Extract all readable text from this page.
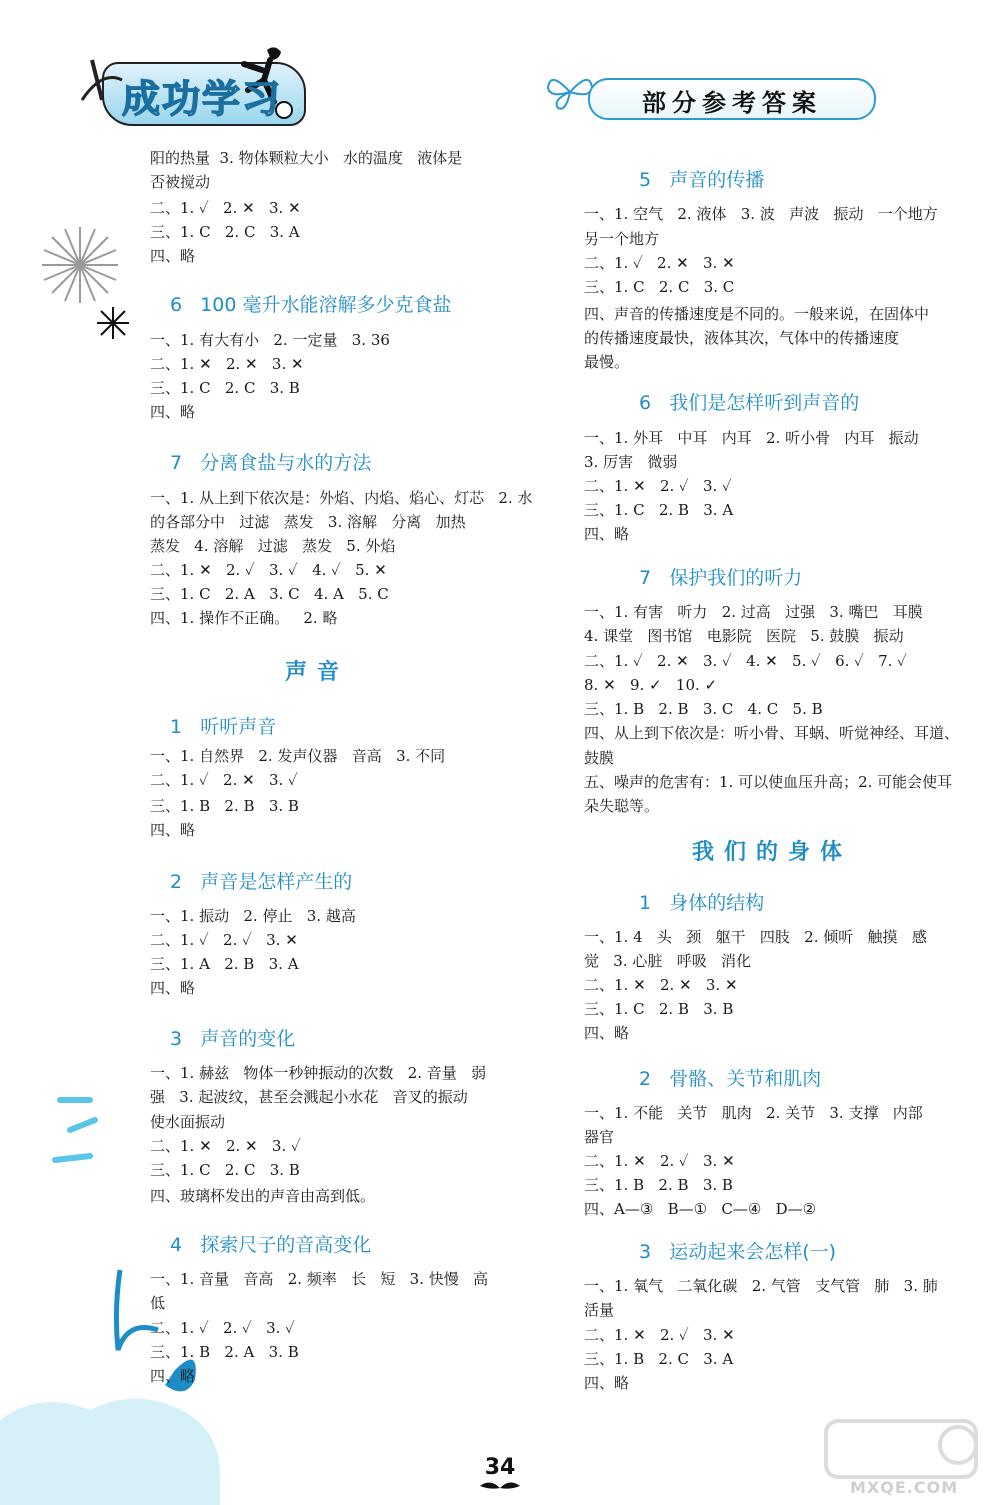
成功学习	部分参考答案
阳的热量  3. 物体颗粒大小   水的温度   液体是
否被搅动
二、1. ✓   2. ✕   3. ✕
三、1. C   2. C   3. A
四、略
6   100 毫升水能溶解多少克食盐
一、1. 有大有小   2. 一定量   3. 36
二、1. ✕   2. ✕   3. ✕
三、1. C   2. C   3. B
四、略
7   分离食盐与水的方法
一、1. 从上到下依次是：外焰、内焰、焰心、灯芯   2. 水
的各部分中   过滤   蒸发   3. 溶解   分离   加热
蒸发   4. 溶解   过滤   蒸发   5. 外焰
二、1. ✕   2. ✓   3. ✓   4. ✓   5. ✕
三、1. C   2. A   3. C   4. A   5. C
四、1. 操作不正确。   2. 略
声音
1   听听声音
一、1. 自然界   2. 发声仪器   音高   3. 不同
二、1. ✓   2. ✕   3. ✓
三、1. B   2. B   3. B
四、略
2   声音是怎样产生的
一、1. 振动   2. 停止   3. 越高
二、1. ✓   2. ✓   3. ✕
三、1. A   2. B   3. A
四、略
3   声音的变化
一、1. 赫兹   物体一秒钟振动的次数   2. 音量   弱
强   3. 起波纹，甚至会溅起小水花   音叉的振动
使水面振动
二、1. ✕   2. ✕   3. ✓
三、1. C   2. C   3. B
四、玻璃杯发出的声音由高到低。
4   探索尺子的音高变化
一、1. 音量   音高   2. 频率   长   短   3. 快慢   高
低
二、1. ✓   2. ✓   3. ✓
三、1. B   2. A   3. B
四、略
5   声音的传播
一、1. 空气   2. 液体   3. 波   声波   振动   一个地方
另一个地方
二、1. ✓   2. ✕   3. ✕
三、1. C   2. C   3. C
四、声音的传播速度是不同的。一般来说，在固体中
的传播速度最快，液体其次，气体中的传播速度
最慢。
6   我们是怎样听到声音的
一、1. 外耳   中耳   内耳   2. 听小骨   内耳   振动
3. 厉害   微弱
二、1. ✕   2. ✓   3. ✓
三、1. C   2. B   3. A
四、略
7   保护我们的听力
一、1. 有害   听力   2. 过高   过强   3. 嘴巴   耳膜
4. 课堂   图书馆   电影院   医院   5. 鼓膜   振动
二、1. ✓   2. ✕   3. ✓   4. ✕   5. ✓   6. ✓   7. ✓
8. ✕   9. ✓   10. ✓
三、1. B   2. B   3. C   4. C   5. B
四、从上到下依次是：听小骨、耳蜗、听觉神经、耳道、
鼓膜
五、噪声的危害有：1. 可以使血压升高；2. 可能会使耳
朵失聪等。
我们的身体
1   身体的结构
一、1. 4   头   颈   躯干   四肢   2. 倾听   触摸   感
觉   3. 心脏   呼吸   消化
二、1. ✕   2. ✕   3. ✕
三、1. C   2. B   3. B
四、略
2   骨骼、关节和肌肉
一、1. 不能   关节   肌肉   2. 关节   3. 支撑   内部
器官
二、1. ✕   2. ✓   3. ✕
三、1. B   2. B   3. B
四、A—③   B—①   C—④   D—②
3   运动起来会怎样(一)
一、1. 氧气   二氧化碳   2. 气管   支气管   肺   3. 肺
活量
二、1. ✕   2. ✓   3. ✕
三、1. B   2. C   3. A
四、略
34
MXQE.COM
